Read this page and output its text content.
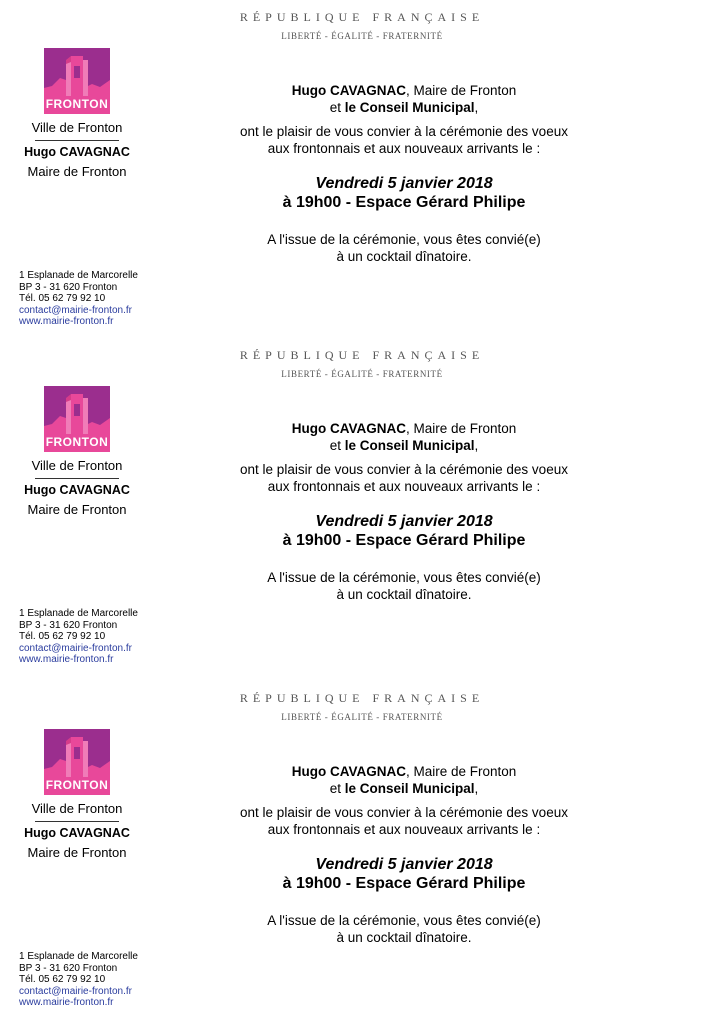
RÉPUBLIQUE FRANÇAISE
LIBERTÉ - ÉGALITÉ - FRATERNITÉ
FRONTON
Ville de Fronton
Hugo CAVAGNAC
Maire de Fronton
1 Esplanade de Marcorelle
BP 3 - 31 620 Fronton
Tél. 05 62 79 92 10
contact@mairie-fronton.fr
www.mairie-fronton.fr
Hugo CAVAGNAC, Maire de Fronton
et le Conseil Municipal,
ont le plaisir de vous convier à la cérémonie des voeux
aux frontonnais et aux nouveaux arrivants le :
Vendredi 5 janvier 2018
à 19h00 - Espace Gérard Philipe
A l'issue de la cérémonie, vous êtes convié(e)
à un cocktail dînatoire.
RÉPUBLIQUE FRANÇAISE
LIBERTÉ - ÉGALITÉ - FRATERNITÉ
FRONTON
Ville de Fronton
Hugo CAVAGNAC
Maire de Fronton
1 Esplanade de Marcorelle
BP 3 - 31 620 Fronton
Tél. 05 62 79 92 10
contact@mairie-fronton.fr
www.mairie-fronton.fr
Hugo CAVAGNAC, Maire de Fronton
et le Conseil Municipal,
ont le plaisir de vous convier à la cérémonie des voeux
aux frontonnais et aux nouveaux arrivants le :
Vendredi 5 janvier 2018
à 19h00 - Espace Gérard Philipe
A l'issue de la cérémonie, vous êtes convié(e)
à un cocktail dînatoire.
RÉPUBLIQUE FRANÇAISE
LIBERTÉ - ÉGALITÉ - FRATERNITÉ
FRONTON
Ville de Fronton
Hugo CAVAGNAC
Maire de Fronton
1 Esplanade de Marcorelle
BP 3 - 31 620 Fronton
Tél. 05 62 79 92 10
contact@mairie-fronton.fr
www.mairie-fronton.fr
Hugo CAVAGNAC, Maire de Fronton
et le Conseil Municipal,
ont le plaisir de vous convier à la cérémonie des voeux
aux frontonnais et aux nouveaux arrivants le :
Vendredi 5 janvier 2018
à 19h00 - Espace Gérard Philipe
A l'issue de la cérémonie, vous êtes convié(e)
à un cocktail dînatoire.
